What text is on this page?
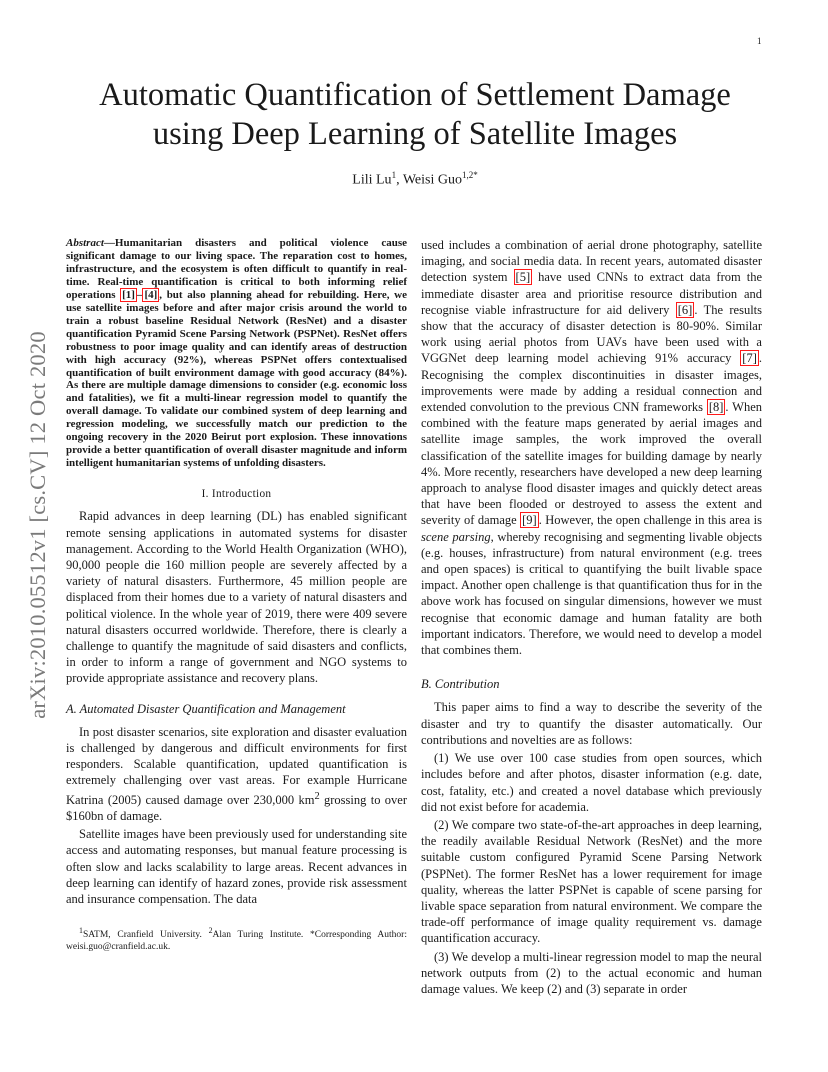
1
arXiv:2010.05512v1 [cs.CV] 12 Oct 2020
Automatic Quantification of Settlement Damage
using Deep Learning of Satellite Images
Lili Lu$^1$, Weisi Guo$^{1,2*}$
Abstract—Humanitarian disasters and political violence cause significant damage to our living space. The reparation cost to homes, infrastructure, and the ecosystem is often difficult to quantify in real-time. Real-time quantification is critical to both informing relief operations [1] – [4] , but also planning ahead for rebuilding. Here, we use satellite images before and after major crisis around the world to train a robust baseline Residual Network (ResNet) and a disaster quantification Pyramid Scene Parsing Network (PSPNet). ResNet offers robustness to poor image quality and can identify areas of destruction with high accuracy (92%), whereas PSPNet offers contextualised quantification of built environment damage with good accuracy (84%). As there are multiple damage dimensions to consider (e.g. economic loss and fatalities), we fit a multi-linear regression model to quantify the overall damage. To validate our combined system of deep learning and regression modeling, we successfully match our prediction to the ongoing recovery in the 2020 Beirut port explosion. These innovations provide a better quantification of overall disaster magnitude and inform intelligent humanitarian systems of unfolding disasters.
I. Introduction

Rapid advances in deep learning (DL) has enabled significant remote sensing applications in automated systems for disaster management. According to the World Health Organization (WHO), 90,000 people die 160 million people are severely affected by a variety of natural disasters. Furthermore, 45 million people are displaced from their homes due to a variety of natural disasters and political violence. In the whole year of 2019, there were 409 severe natural disasters occurred worldwide. Therefore, there is clearly a challenge to quantify the magnitude of said disasters and conflicts, in order to inform a range of government and NGO systems to provide appropriate assistance and recovery plans.

A. Automated Disaster Quantification and Management

In post disaster scenarios, site exploration and disaster evaluation is challenged by dangerous and difficult environments for first responders. Scalable quantification, updated quantification is extremely challenging over vast areas. For example Hurricane Katrina (2005) caused damage over 230,000 $km^2$ grossing to over $160bn of damage.

Satellite images have been previously used for understanding site access and automating responses, but manual feature processing is often slow and lacks scalability to large areas. Recent advances in deep learning can identify of hazard zones, provide risk assessment and insurance compensation. The data

$^1$SATM, Cranfield University. $^2$Alan Turing Institute. *Corresponding Author: weisi.guo@cranfield.ac.uk.

used includes a combination of aerial drone photography, satellite imaging, and social media data. In recent years, automated disaster detection system [5] have used CNNs to extract data from the immediate disaster area and prioritise resource distribution and recognise viable infrastructure for aid delivery [6] . The results show that the accuracy of disaster detection is 80-90%. Similar work using aerial photos from UAVs have been used with a VGGNet deep learning model achieving 91% accuracy [7] . Recognising the complex discontinuities in disaster images, improvements were made by adding a residual connection and extended convolution to the previous CNN frameworks [8] . When combined with the feature maps generated by aerial images and satellite image samples, the work improved the overall classification of the satellite images for building damage by nearly 4%. More recently, researchers have developed a new deep learning approach to analyse flood disaster images and quickly detect areas that have been flooded or destroyed to assess the extent and severity of damage [9] . However, the open challenge in this area is scene parsing, whereby recognising and segmenting livable objects (e.g. houses, infrastructure) from natural environment (e.g. trees and open spaces) is critical to quantifying the built livable space impact. Another open challenge is that quantification thus for in the above work has focused on singular dimensions, however we must recognise that economic damage and human fatality are both important indicators. Therefore, we would need to develop a model that combines them.

B. Contribution

This paper aims to find a way to describe the severity of the disaster and try to quantify the disaster automatically. Our contributions and novelties are as follows:

(1) We use over 100 case studies from open sources, which includes before and after photos, disaster information (e.g. date, cost, fatality, etc.) and created a novel database which previously did not exist before for academia.

(2) We compare two state-of-the-art approaches in deep learning, the readily available Residual Network (ResNet) and the more suitable custom configured Pyramid Scene Parsing Network (PSPNet). The former ResNet has a lower requirement for image quality, whereas the latter PSPNet is capable of scene parsing for livable space separation from natural environment. We compare the trade-off performance of image quality requirement vs. damage quantification accuracy.

(3) We develop a multi-linear regression model to map the neural network outputs from (2) to the actual economic and human damage values. We keep (2) and (3) separate in order
